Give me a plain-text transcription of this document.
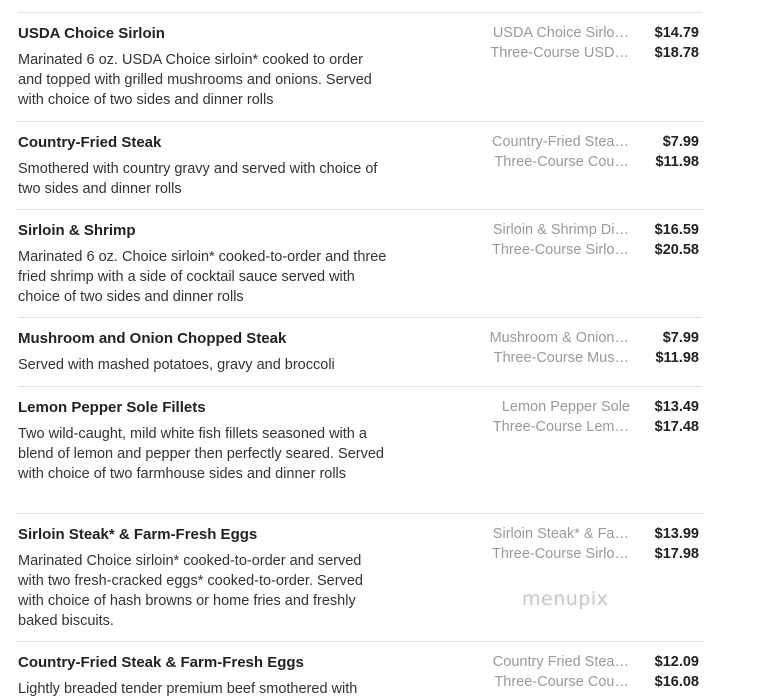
USDA Choice Sirloin
Marinated 6 oz. USDA Choice sirloin* cooked to order and topped with grilled mushrooms and onions. Served with choice of two sides and dinner rolls
USDA Choice Sirlo… $14.79
Three-Course USD… $18.78
Country-Fried Steak
Smothered with country gravy and served with choice of two sides and dinner rolls
Country-Fried Stea… $7.99
Three-Course Cou… $11.98
Sirloin & Shrimp
Marinated 6 oz. Choice sirloin* cooked-to-order and three fried shrimp with a side of cocktail sauce served with choice of two sides and dinner rolls
Sirloin & Shrimp Di… $16.59
Three-Course Sirlo… $20.58
Mushroom and Onion Chopped Steak
Served with mashed potatoes, gravy and broccoli
Mushroom & Onion… $7.99
Three-Course Mus… $11.98
Lemon Pepper Sole Fillets
Two wild-caught, mild white fish fillets seasoned with a blend of lemon and pepper then perfectly seared. Served with choice of two farmhouse sides and dinner rolls
Lemon Pepper Sole $13.49
Three-Course Lem… $17.48
Sirloin Steak* & Farm-Fresh Eggs
Marinated Choice sirloin* cooked-to-order and served with two fresh-cracked eggs* cooked-to-order. Served with choice of hash browns or home fries and freshly baked biscuits.
Sirloin Steak* & Fa… $13.99
Three-Course Sirlo… $17.98
Country-Fried Steak & Farm-Fresh Eggs
Lightly breaded tender premium beef smothered with
Country Fried Stea… $12.09
Three-Course Cou… $16.08
menupix
